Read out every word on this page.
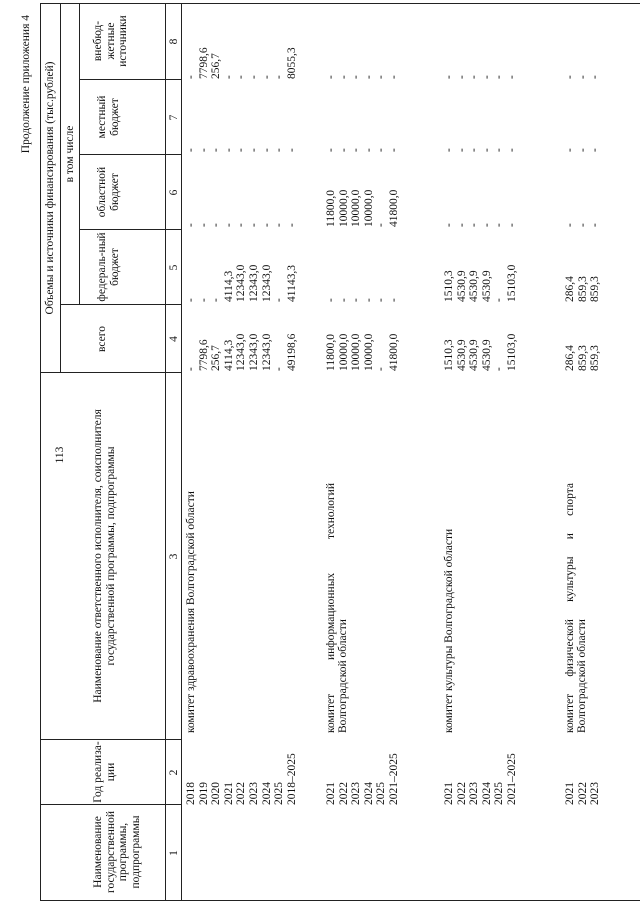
113
Продолжение приложения 4
Наименование государственной программы, подпрограммы
Год реализа-ции
Наименование ответственного исполнителя, соисполнителя государственной программы, подпрограммы
Объемы и источники финансирования (тыс.рублей)
всего
в том числе
федераль-ный бюджет
областной бюджет
местный бюджет
внебюд-жетные источники
1
2
3
4
5
6
7
8
комитет здравоохранения Волгоградской области
2018
-
-
-
-
-
2019
7798,6
-
-
-
7798,6
2020
256,7
-
-
-
256,7
2021
4114,3
4114,3
-
-
-
2022
12343,0
12343,0
-
-
-
2023
12343,0
12343,0
-
-
-
2024
12343,0
12343,0
-
-
-
2025
-
-
-
-
-
2018–2025
49198,6
41143,3
-
-
8055,3
комитет информационных технологий Волгоградской области
2021
11800,0
-
11800,0
-
-
2022
10000,0
-
10000,0
-
-
2023
10000,0
-
10000,0
-
-
2024
10000,0
-
10000,0
-
-
2025
-
-
-
-
-
2021–2025
41800,0
-
41800,0
-
-
комитет культуры Волгоградской области
2021
1510,3
1510,3
-
-
-
2022
4530,9
4530,9
-
-
-
2023
4530,9
4530,9
-
-
-
2024
4530,9
4530,9
-
-
-
2025
-
-
-
-
-
2021–2025
15103,0
15103,0
-
-
-
комитет физической культуры и спорта Волгоградской области
2021
286,4
286,4
-
-
-
2022
859,3
859,3
-
-
-
2023
859,3
859,3
-
-
-
